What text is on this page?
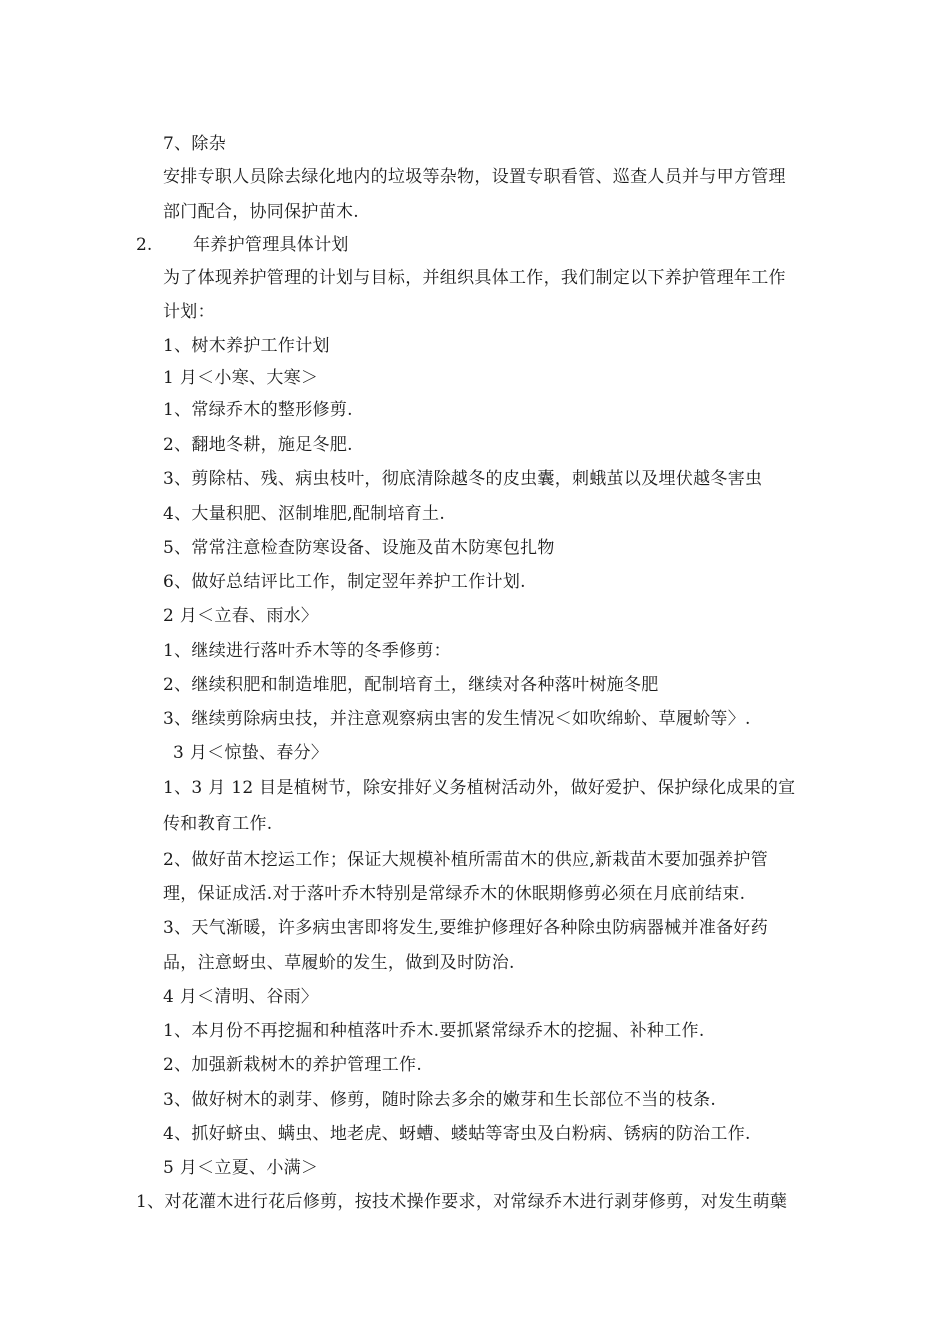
7、除杂
安排专职人员除去绿化地内的垃圾等杂物，设置专职看管、巡查人员并与甲方管理
部门配合，协同保护苗木.
2. 年养护管理具体计划
为了体现养护管理的计划与目标，并组织具体工作，我们制定以下养护管理年工作
计划：
1、树木养护工作计划
1 月＜小寒、大寒＞
1、常绿乔木的整形修剪.
2、翻地冬耕，施足冬肥.
3、剪除枯、残、病虫枝叶，彻底清除越冬的皮虫囊，刺蛾茧以及埋伏越冬害虫
4、大量积肥、沤制堆肥,配制培育土.
5、常常注意检查防寒设备、设施及苗木防寒包扎物
6、做好总结评比工作，制定翌年养护工作计划.
2 月＜立春、雨水〉
1、继续进行落叶乔木等的冬季修剪：
2、继续积肥和制造堆肥，配制培育土，继续对各种落叶树施冬肥
3、继续剪除病虫技，并注意观察病虫害的发生情况＜如吹绵蚧、草履蚧等〉.
3 月＜惊蛰、春分〉
1、3 月 12 目是植树节，除安排好义务植树活动外，做好爱护、保护绿化成果的宣
传和教育工作.
2、做好苗木挖运工作；保证大规模补植所需苗木的供应,新栽苗木要加强养护管
理，保证成活.对于落叶乔木特别是常绿乔木的休眠期修剪必须在月底前结束.
3、天气渐暖，许多病虫害即将发生,要维护修理好各种除虫防病器械并准备好药
品，注意蚜虫、草履蚧的发生，做到及时防治.
4 月＜清明、谷雨〉
1、本月份不再挖掘和种植落叶乔木.要抓紧常绿乔木的挖掘、补种工作.
2、加强新栽树木的养护管理工作.
3、做好树木的剥芽、修剪，随时除去多余的嫩芽和生长部位不当的枝条.
4、抓好蛴虫、螨虫、地老虎、蚜螬、蝼蛄等寄虫及白粉病、锈病的防治工作.
5 月＜立夏、小满＞
1、对花灌木进行花后修剪，按技术操作要求，对常绿乔木进行剥芽修剪，对发生萌蘖
